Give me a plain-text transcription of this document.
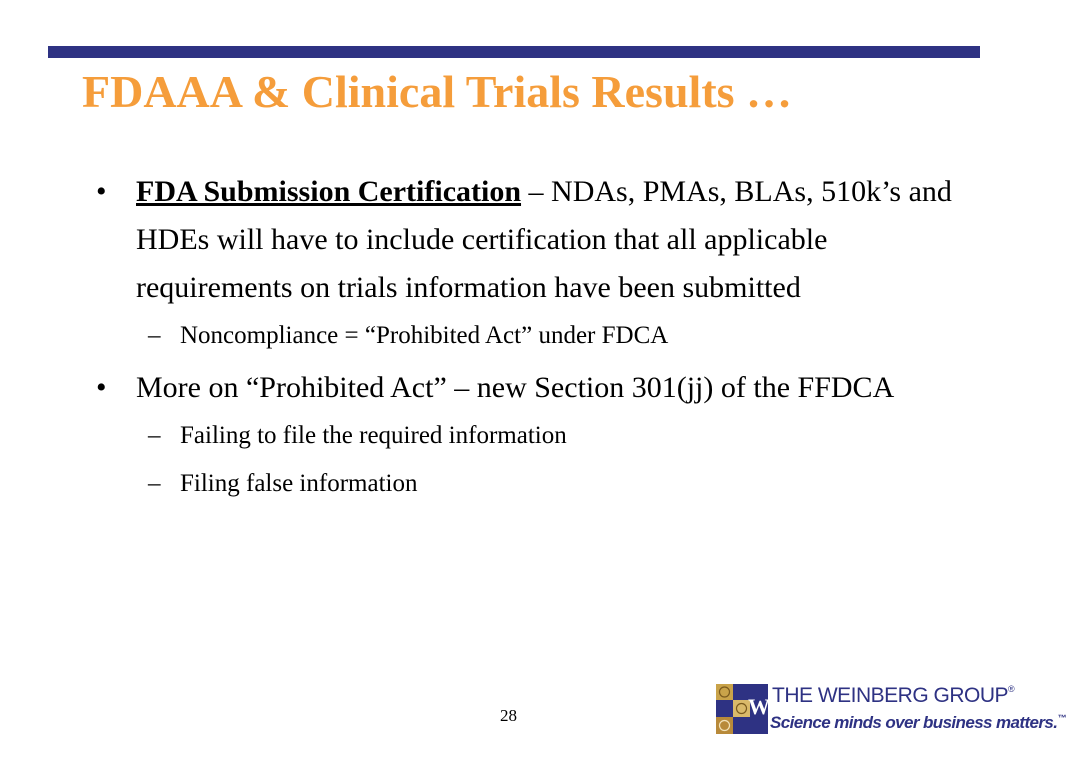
FDAAA & Clinical Trials Results …
• FDA Submission Certification – NDAs, PMAs, BLAs, 510k’s and HDEs will have to include certification that all applicable requirements on trials information have been submitted
– Noncompliance = “Prohibited Act” under FDCA
• More on “Prohibited Act” – new Section 301(jj) of the FFDCA
– Failing to file the required information
– Filing false information
28	W THE WEINBERG GROUP®
Science minds over business matters.™
